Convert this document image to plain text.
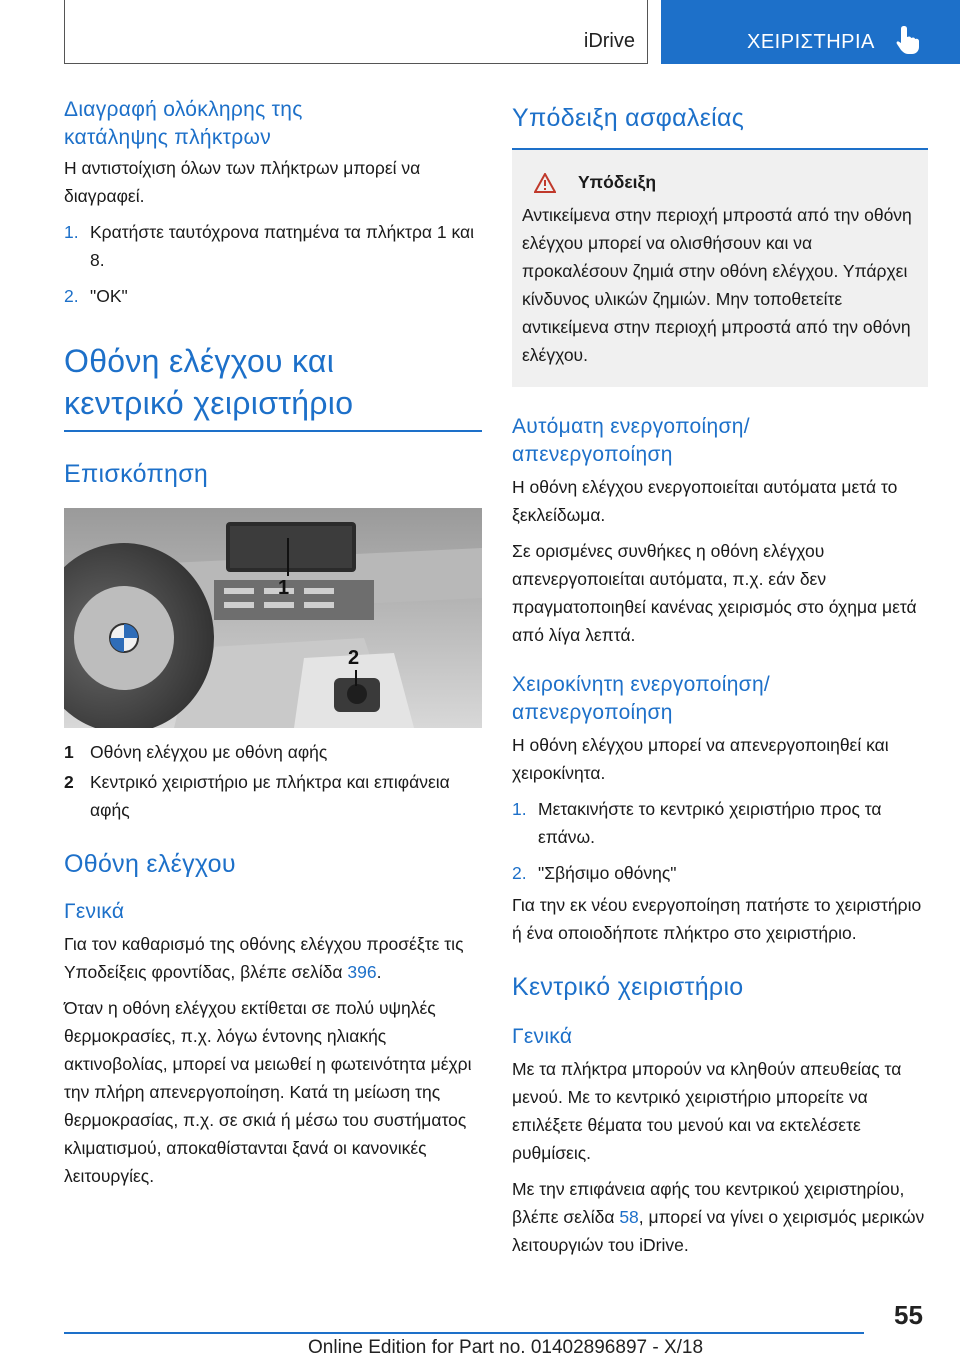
iDrive	ΧΕΙΡΙΣΤΗΡΙΑ
Διαγραφή ολόκληρης της κατάληψης πλήκτρων

Η αντιστοίχιση όλων των πλήκτρων μπορεί να διαγραφεί.

1. Κρατήστε ταυτόχρονα πατημένα τα πλήκτρα 1 και 8.
2. "OK"
Οθόνη ελέγχου και κεντρικό χειριστήριο
Επισκόπηση
1
2
1 Οθόνη ελέγχου με οθόνη αφής
2 Κεντρικό χειριστήριο με πλήκτρα και επιφάνεια αφής
Οθόνη ελέγχου
Γενικά

Για τον καθαρισμό της οθόνης ελέγχου προσέξτε τις Υποδείξεις φροντίδας, βλέπε σελίδα 396.

Όταν η οθόνη ελέγχου εκτίθεται σε πολύ υψηλές θερμοκρασίες, π.χ. λόγω έντονης ηλιακής ακτινοβολίας, μπορεί να μειωθεί η φωτεινότητα μέχρι την πλήρη απενεργοποίηση. Κατά τη μείωση της θερμοκρασίας, π.χ. σε σκιά ή μέσω του συστήματος κλιματισμού, αποκαθίστανται ξανά οι κανονικές λειτουργίες.

Υπόδειξη ασφαλείας
Υπόδειξη

Αντικείμενα στην περιοχή μπροστά από την οθόνη ελέγχου μπορεί να ολισθήσουν και να προκαλέσουν ζημιά στην οθόνη ελέγχου. Υπάρχει κίνδυνος υλικών ζημιών. Μην τοποθετείτε αντικείμενα στην περιοχή μπροστά από την οθόνη ελέγχου.

Αυτόματη ενεργοποίηση/απενεργοποίηση

Η οθόνη ελέγχου ενεργοποιείται αυτόματα μετά το ξεκλείδωμα.

Σε ορισμένες συνθήκες η οθόνη ελέγχου απενεργοποιείται αυτόματα, π.χ. εάν δεν πραγματοποιηθεί κανένας χειρισμός στο όχημα μετά από λίγα λεπτά.

Χειροκίνητη ενεργοποίηση/απενεργοποίηση

Η οθόνη ελέγχου μπορεί να απενεργοποιηθεί και χειροκίνητα.

1. Μετακινήστε το κεντρικό χειριστήριο προς τα επάνω.
2. "Σβήσιμο οθόνης"

Για την εκ νέου ενεργοποίηση πατήστε το χειριστήριο ή ένα οποιοδήποτε πλήκτρο στο χειριστήριο.

Κεντρικό χειριστήριο
Γενικά

Με τα πλήκτρα μπορούν να κληθούν απευθείας τα μενού. Με το κεντρικό χειριστήριο μπορείτε να επιλέξετε θέματα του μενού και να εκτελέσετε ρυθμίσεις.

Με την επιφάνεια αφής του κεντρικού χειριστηρίου, βλέπε σελίδα 58, μπορεί να γίνει ο χειρισμός μερικών λειτουργιών του iDrive.

55
Online Edition for Part no. 01402896897 - X/18
